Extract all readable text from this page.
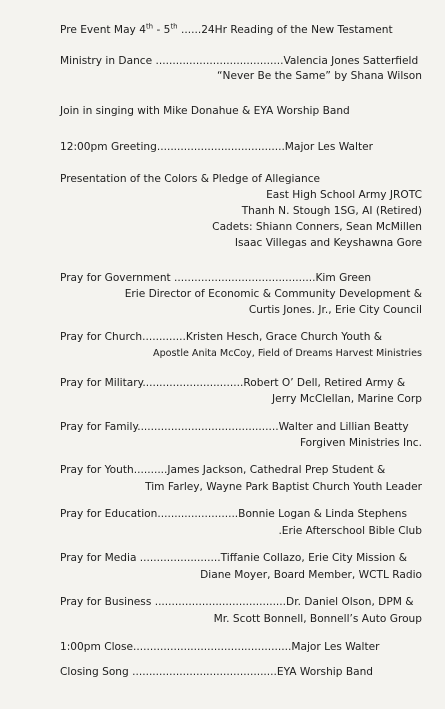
Pre Event May 4th - 5th ......24Hr Reading of the New Testament
Ministry in Dance ......................................Valencia Jones Satterfield
“Never Be the Same” by Shana Wilson
Join in singing with Mike Donahue & EYA Worship Band
12:00pm Greeting......................................Major Les Walter
Presentation of the Colors & Pledge of Allegiance
East High School Army JROTC
Thanh N. Stough 1SG, AI (Retired)
Cadets: Shiann Conners, Sean McMillen
Isaac Villegas and Keyshawna Gore
Pray for Government ..........................................Kim Green
Erie Director of Economic & Community Development &
Curtis Jones. Jr., Erie City Council
Pray for Church.............Kristen Hesch, Grace Church Youth &
Apostle Anita McCoy, Field of Dreams Harvest Ministries
Pray for Military..............................Robert O’ Dell, Retired Army &
Jerry McClellan, Marine Corp
Pray for Family..........................................Walter and Lillian Beatty
Forgiven Ministries Inc.
Pray for Youth..........James Jackson, Cathedral Prep Student &
Tim Farley, Wayne Park Baptist Church Youth Leader
Pray for Education........................Bonnie Logan & Linda Stephens
.Erie Afterschool Bible Club
Pray for Media ........................Tiffanie Collazo, Erie City Mission &
Diane Moyer, Board Member, WCTL Radio
Pray for Business .......................................Dr. Daniel Olson, DPM &
Mr. Scott Bonnell, Bonnell’s Auto Group
1:00pm Close...............................................Major Les Walter
Closing Song ...........................................EYA Worship Band
